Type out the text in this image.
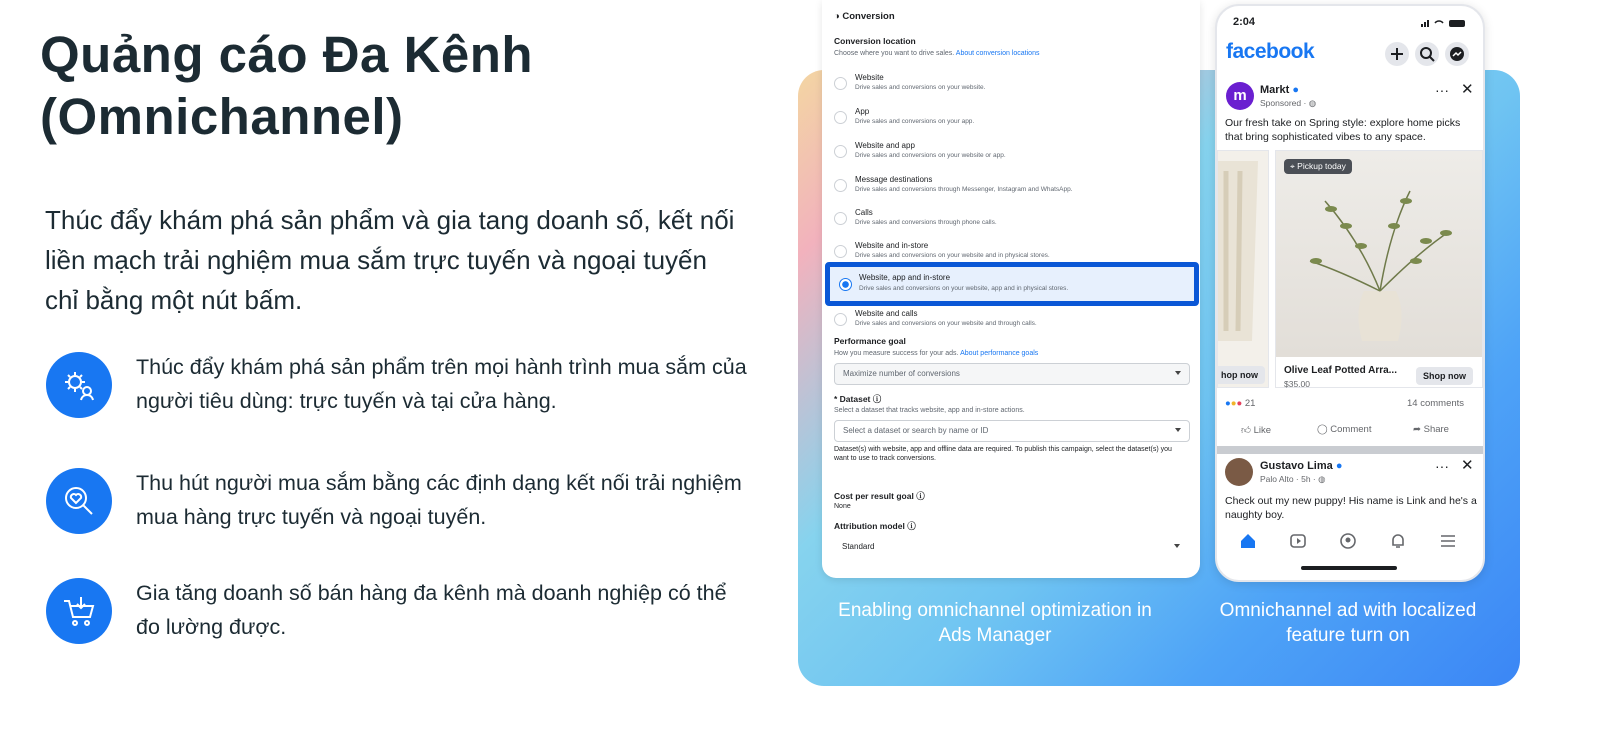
Quảng cáo Đa Kênh
(Omnichannel)
Thúc đẩy khám phá sản phẩm và gia tang doanh số, kết nối liền mạch trải nghiệm mua sắm trực tuyến và ngoại tuyến chỉ bằng một nút bấm.
Thúc đẩy khám phá sản phẩm trên mọi hành trình mua sắm của người tiêu dùng: trực tuyến và tại cửa hàng.
Thu hút người mua sắm bằng các định dạng kết nối trải nghiệm mua hàng trực tuyến và ngoại tuyến.
Gia tăng doanh số bán hàng đa kênh mà doanh nghiệp có thể đo lường được.
◑ Conversion
Conversion location
Choose where you want to drive sales. About conversion locations
Website
Drive sales and conversions on your website.
App
Drive sales and conversions on your app.
Website and app
Drive sales and conversions on your website or app.
Message destinations
Drive sales and conversions through Messenger, Instagram and WhatsApp.
Calls
Drive sales and conversions through phone calls.
Website and in-store
Drive sales and conversions on your website and in physical stores.
Website and calls
Drive sales and conversions on your website and through calls.
Website, app and in-store
Drive sales and conversions on your website, app and in physical stores.
Performance goal
How you measure success for your ads. About performance goals
Maximize number of conversions
* Dataset ⓘ
Select a dataset that tracks website, app and in-store actions.
Select a dataset or search by name or ID
Dataset(s) with website, app and offline data are required. To publish this campaign, select the dataset(s) you want to use to track conversions.
Cost per result goal ⓘ
None
Attribution model ⓘ
Standard
2:04
facebook
m	Markt ●
Sponsored · ◍
··· ✕
Our fresh take on Spring style: explore home picks that bring sophisticated vibes to any space.
hop now
⌖ Pickup today
Olive Leaf Potted Arra...
$35.00
Shop now
●●● 21	14 comments
👍︎ Like	◯ Comment	➦ Share
Gustavo Lima ●
Palo Alto · 5h · ◍
··· ✕
Check out my new puppy! His name is Link and he's a naughty boy.
Enabling omnichannel optimization in Ads Manager
Omnichannel ad with localized feature turn on
